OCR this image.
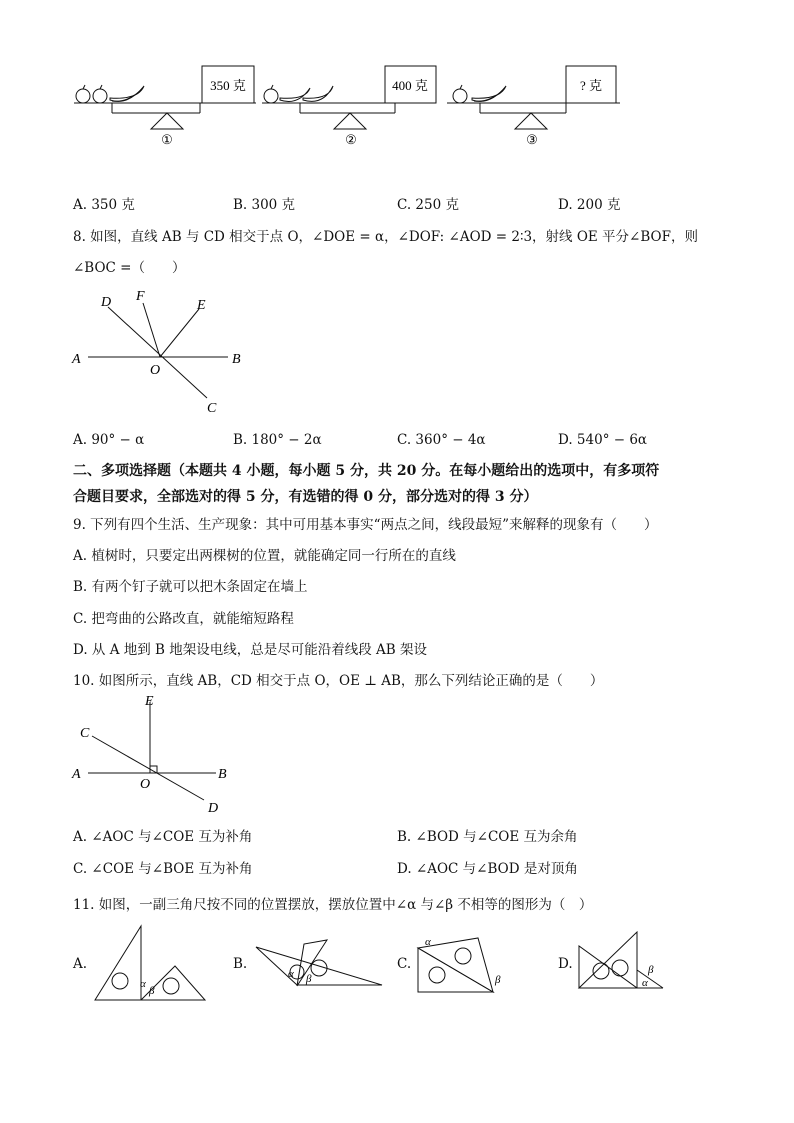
350 克	400 克	? 克
①	②	③
A. 350 克	B. 300 克	C. 250 克	D. 200 克
8. 如图，直线 AB 与 CD 相交于点 O，∠DOE = α，∠DOF: ∠AOD = 2∶3，射线 OE 平分∠BOF，则
∠BOC =（　　）
D F
E
A	B
O
C
A. 90° − α	B. 180° − 2α	C. 360° − 4α	D. 540° − 6α
二、多项选择题（本题共 4 小题，每小题 5 分，共 20 分。在每小题给出的选项中，有多项符
合题目要求，全部选对的得 5 分，有选错的得 0 分，部分选对的得 3 分）
9. 下列有四个生活、生产现象：其中可用基本事实“两点之间，线段最短”来解释的现象有（　　）
A. 植树时，只要定出两棵树的位置，就能确定同一行所在的直线
B. 有两个钉子就可以把木条固定在墙上
C. 把弯曲的公路改直，就能缩短路程
D. 从 A 地到 B 地架设电线，总是尽可能沿着线段 AB 架设
10. 如图所示，直线 AB，CD 相交于点 O，OE ⊥ AB，那么下列结论正确的是（　　）
E
C
A	B
O
D
A. ∠AOC 与∠COE 互为补角	B. ∠BOD 与∠COE 互为余角
C. ∠COE 与∠BOE 互为补角	D. ∠AOC 与∠BOD 是对顶角
11. 如图，一副三角尺按不同的位置摆放，摆放位置中∠α 与∠β 不相等的图形为（　）
A.	B.	C.	D.
α
β
α β
α
β
β
α
